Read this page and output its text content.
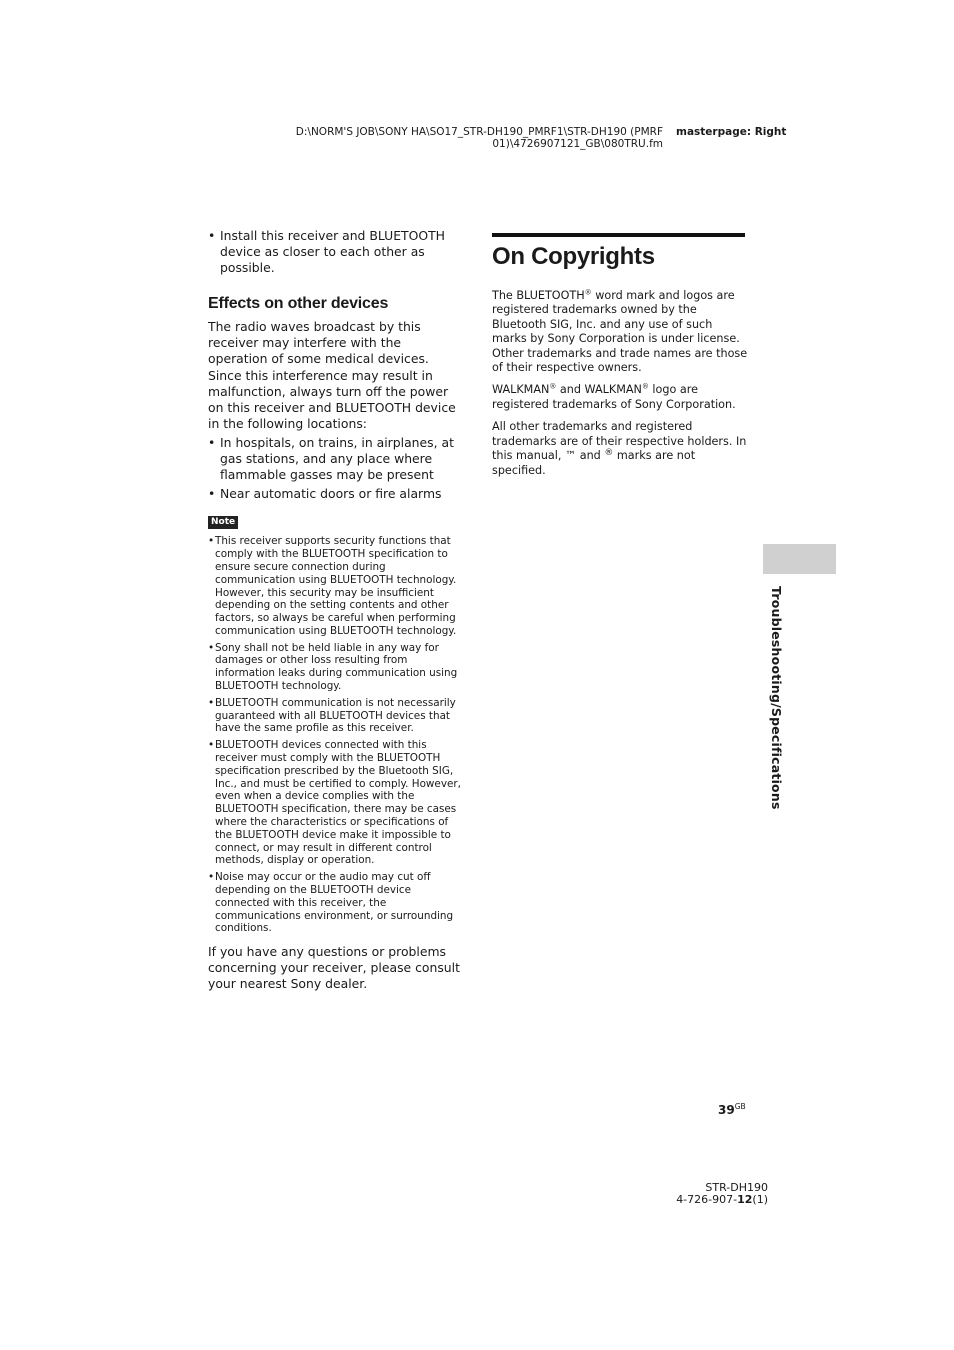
D:\NORM'S JOB\SONY HA\SO17_STR-DH190_PMRF1\STR-DH190 (PMRF
01)\4726907121_GB\080TRU.fm
masterpage: Right

• Install this receiver and BLUETOOTH device as closer to each other as possible.

Effects on other devices

The radio waves broadcast by this receiver may interfere with the operation of some medical devices. Since this interference may result in malfunction, always turn off the power on this receiver and BLUETOOTH device in the following locations:

• In hospitals, on trains, in airplanes, at gas stations, and any place where flammable gasses may be present

• Near automatic doors or fire alarms

Note

• This receiver supports security functions that comply with the BLUETOOTH specification to ensure secure connection during communication using BLUETOOTH technology. However, this security may be insufficient depending on the setting contents and other factors, so always be careful when performing communication using BLUETOOTH technology.

• Sony shall not be held liable in any way for damages or other loss resulting from information leaks during communication using BLUETOOTH technology.

• BLUETOOTH communication is not necessarily guaranteed with all BLUETOOTH devices that have the same profile as this receiver.

• BLUETOOTH devices connected with this receiver must comply with the BLUETOOTH specification prescribed by the Bluetooth SIG, Inc., and must be certified to comply. However, even when a device complies with the BLUETOOTH specification, there may be cases where the characteristics or specifications of the BLUETOOTH device make it impossible to connect, or may result in different control methods, display or operation.

• Noise may occur or the audio may cut off depending on the BLUETOOTH device connected with this receiver, the communications environment, or surrounding conditions.

If you have any questions or problems concerning your receiver, please consult your nearest Sony dealer.

On Copyrights

The BLUETOOTH® word mark and logos are registered trademarks owned by the Bluetooth SIG, Inc. and any use of such marks by Sony Corporation is under license. Other trademarks and trade names are those of their respective owners.

WALKMAN® and WALKMAN® logo are registered trademarks of Sony Corporation.

All other trademarks and registered trademarks are of their respective holders. In this manual, ™ and ® marks are not specified.

Troubleshooting/Specifications
$39^{GB}$
STR-DH190
4-726-907-12(1)
